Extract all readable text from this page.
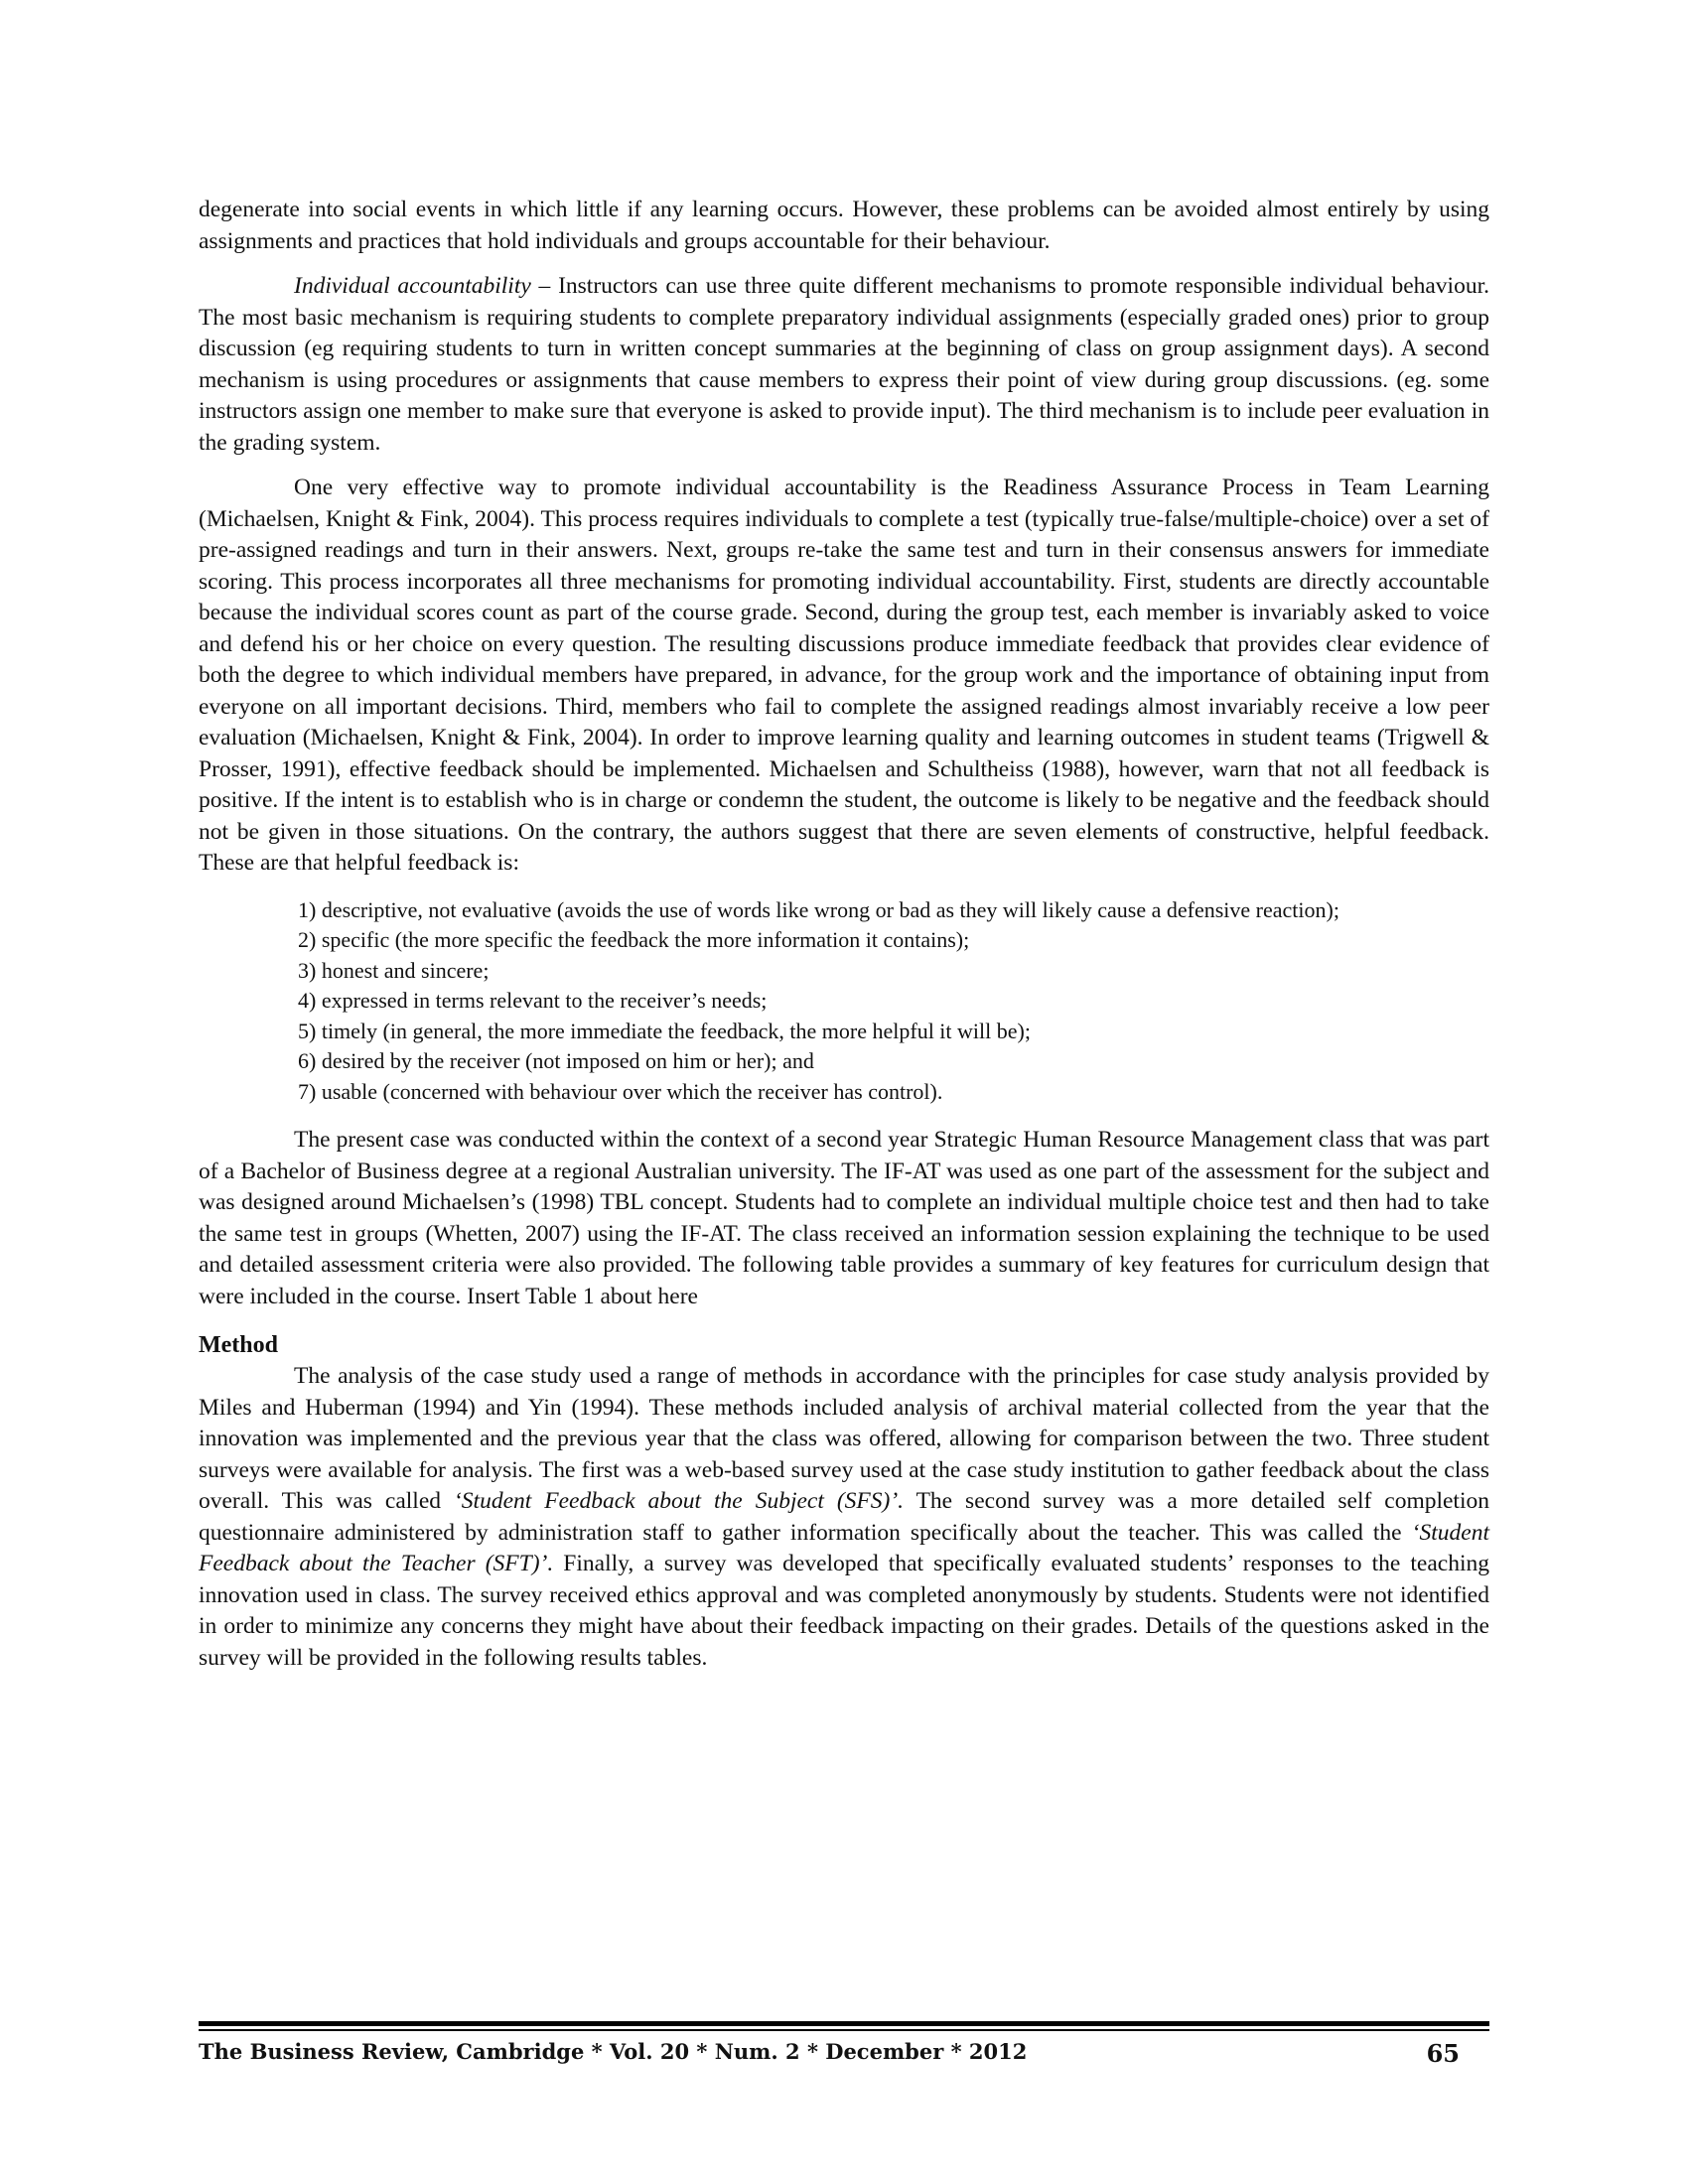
degenerate into social events in which little if any learning occurs. However, these problems can be avoided almost entirely by using assignments and practices that hold individuals and groups accountable for their behaviour.

Individual accountability – Instructors can use three quite different mechanisms to promote responsible individual behaviour. The most basic mechanism is requiring students to complete preparatory individual assignments (especially graded ones) prior to group discussion (eg requiring students to turn in written concept summaries at the beginning of class on group assignment days). A second mechanism is using procedures or assignments that cause members to express their point of view during group discussions. (eg. some instructors assign one member to make sure that everyone is asked to provide input). The third mechanism is to include peer evaluation in the grading system.

One very effective way to promote individual accountability is the Readiness Assurance Process in Team Learning (Michaelsen, Knight & Fink, 2004). This process requires individuals to complete a test (typically true-false/multiple-choice) over a set of pre-assigned readings and turn in their answers. Next, groups re-take the same test and turn in their consensus answers for immediate scoring. This process incorporates all three mechanisms for promoting individual accountability. First, students are directly accountable because the individual scores count as part of the course grade. Second, during the group test, each member is invariably asked to voice and defend his or her choice on every question. The resulting discussions produce immediate feedback that provides clear evidence of both the degree to which individual members have prepared, in advance, for the group work and the importance of obtaining input from everyone on all important decisions. Third, members who fail to complete the assigned readings almost invariably receive a low peer evaluation (Michaelsen, Knight & Fink, 2004). In order to improve learning quality and learning outcomes in student teams (Trigwell & Prosser, 1991), effective feedback should be implemented. Michaelsen and Schultheiss (1988), however, warn that not all feedback is positive. If the intent is to establish who is in charge or condemn the student, the outcome is likely to be negative and the feedback should not be given in those situations. On the contrary, the authors suggest that there are seven elements of constructive, helpful feedback. These are that helpful feedback is:

1) descriptive, not evaluative (avoids the use of words like wrong or bad as they will likely cause a defensive reaction);
2) specific (the more specific the feedback the more information it contains);
3) honest and sincere;
4) expressed in terms relevant to the receiver’s needs;
5) timely (in general, the more immediate the feedback, the more helpful it will be);
6) desired by the receiver (not imposed on him or her); and
7) usable (concerned with behaviour over which the receiver has control).

The present case was conducted within the context of a second year Strategic Human Resource Management class that was part of a Bachelor of Business degree at a regional Australian university. The IF-AT was used as one part of the assessment for the subject and was designed around Michaelsen’s (1998) TBL concept. Students had to complete an individual multiple choice test and then had to take the same test in groups (Whetten, 2007) using the IF-AT. The class received an information session explaining the technique to be used and detailed assessment criteria were also provided. The following table provides a summary of key features for curriculum design that were included in the course. Insert Table 1 about here

Method

The analysis of the case study used a range of methods in accordance with the principles for case study analysis provided by Miles and Huberman (1994) and Yin (1994). These methods included analysis of archival material collected from the year that the innovation was implemented and the previous year that the class was offered, allowing for comparison between the two. Three student surveys were available for analysis. The first was a web-based survey used at the case study institution to gather feedback about the class overall. This was called ‘Student Feedback about the Subject (SFS)’. The second survey was a more detailed self completion questionnaire administered by administration staff to gather information specifically about the teacher. This was called the ‘Student Feedback about the Teacher (SFT)’. Finally, a survey was developed that specifically evaluated students’ responses to the teaching innovation used in class. The survey received ethics approval and was completed anonymously by students. Students were not identified in order to minimize any concerns they might have about their feedback impacting on their grades. Details of the questions asked in the survey will be provided in the following results tables.

The Business Review, Cambridge * Vol. 20 * Num. 2 * December * 2012	65
